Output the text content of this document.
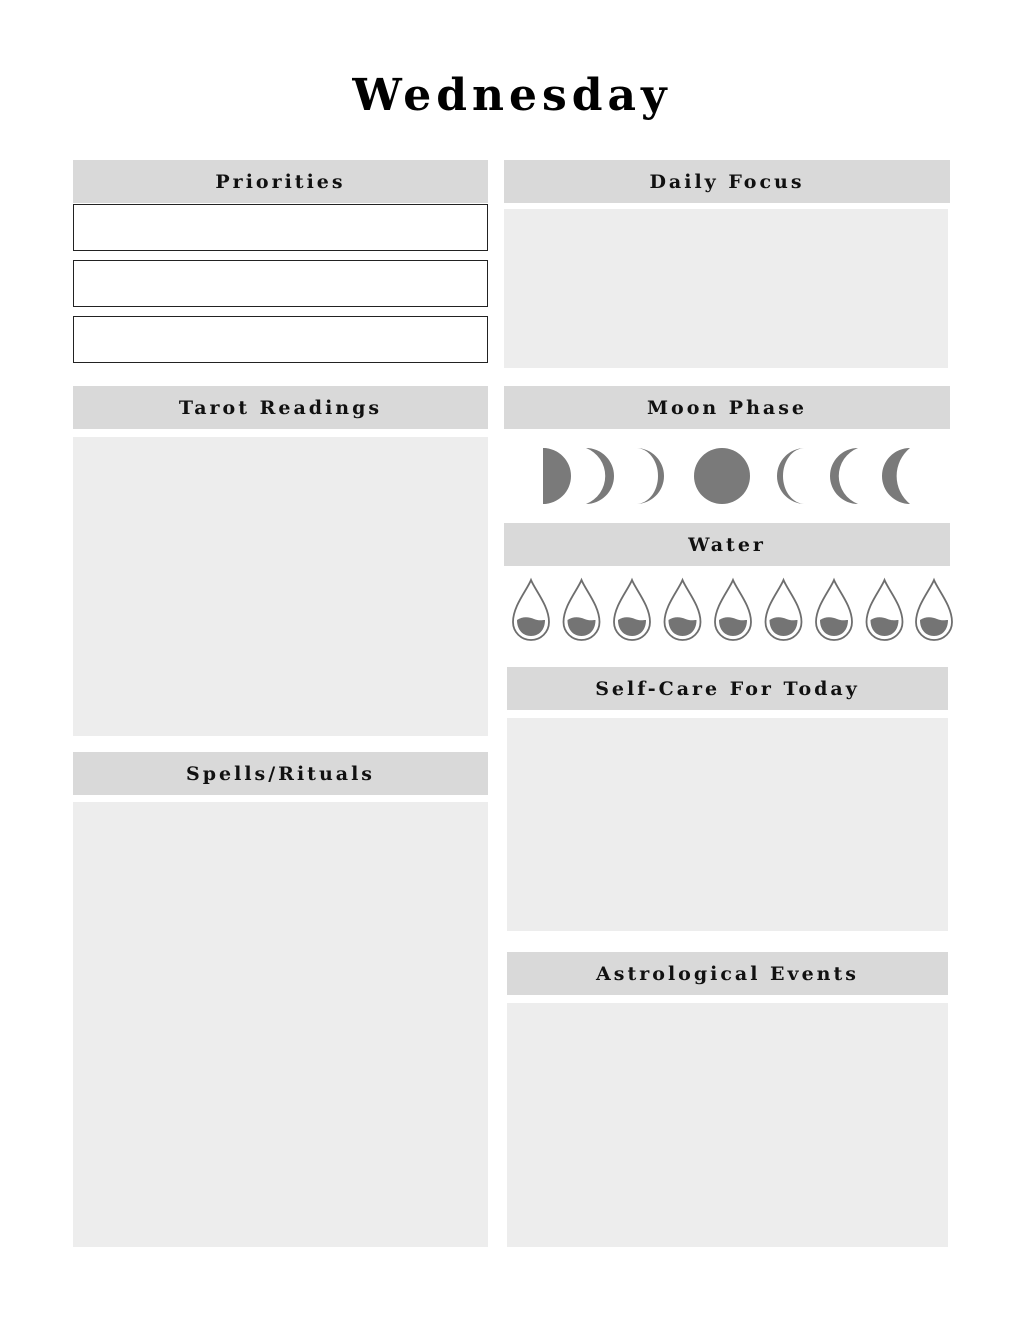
Wednesday
Priorities	Daily Focus
Tarot Readings	Moon Phase
Water
Self-Care For Today
Spells/Rituals
Astrological Events
